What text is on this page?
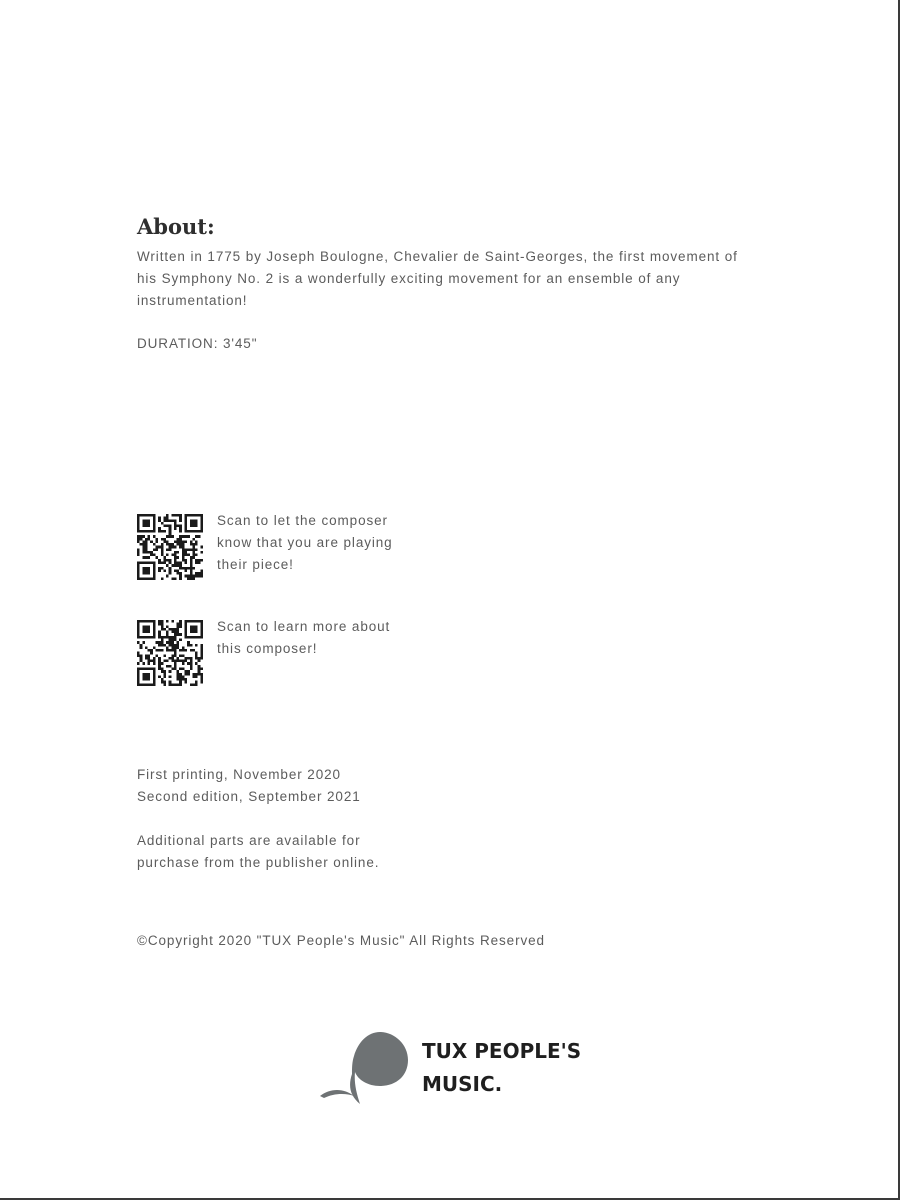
About:
Written in 1775 by Joseph Boulogne, Chevalier de Saint-Georges, the first movement of his Symphony No. 2 is a wonderfully exciting movement for an ensemble of any instrumentation!
DURATION: 3'45"
Scan to let the composer
know that you are playing
their piece!
Scan to learn more about
this composer!
First printing, November 2020
Second edition, September 2021
Additional parts are available for
purchase from the publisher online.
©Copyright 2020 "TUX People's Music" All Rights Reserved
TUX PEOPLE'S
MUSIC.
